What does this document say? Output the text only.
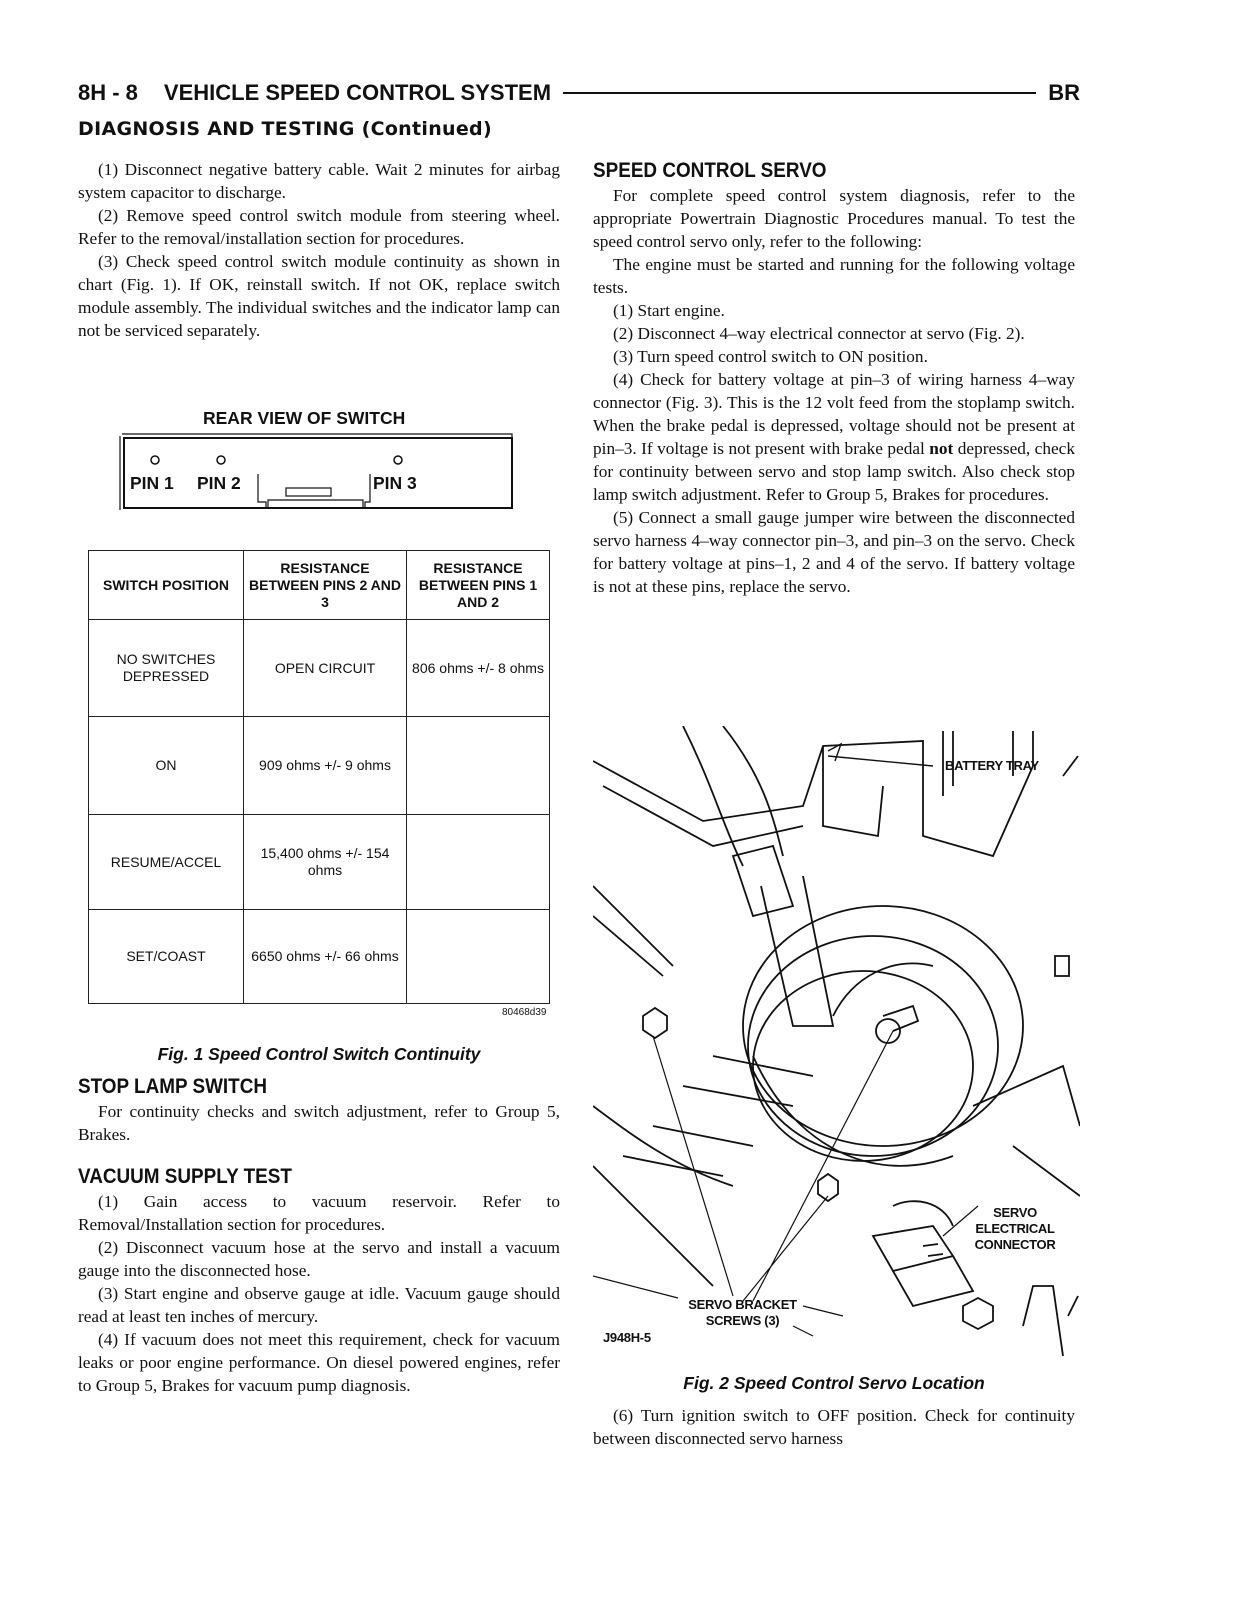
8H - 8 VEHICLE SPEED CONTROL SYSTEM	BR
DIAGNOSIS AND TESTING (Continued)

(1) Disconnect negative battery cable. Wait 2 minutes for airbag system capacitor to discharge.

(2) Remove speed control switch module from steering wheel. Refer to the removal/installation section for procedures.

(3) Check speed control switch module continuity as shown in chart (Fig. 1). If OK, reinstall switch. If not OK, replace switch module assembly. The individual switches and the indicator lamp can not be serviced separately.

REAR VIEW OF SWITCH
PIN 1 PIN 2	PIN 3
SWITCH POSITION	RESISTANCE BETWEEN PINS 2 AND 3	RESISTANCE BETWEEN PINS 1 AND 2
NO SWITCHES DEPRESSED	OPEN CIRCUIT	806 ohms +/- 8 ohms
ON	909 ohms +/- 9 ohms	
RESUME/ACCEL	15,400 ohms +/- 154 ohms	
SET/COAST	6650 ohms +/- 66 ohms	
80468d39
Fig. 1 Speed Control Switch Continuity
STOP LAMP SWITCH

For continuity checks and switch adjustment, refer to Group 5, Brakes.

VACUUM SUPPLY TEST

(1) Gain access to vacuum reservoir. Refer to Removal/Installation section for procedures.

(2) Disconnect vacuum hose at the servo and install a vacuum gauge into the disconnected hose.

(3) Start engine and observe gauge at idle. Vacuum gauge should read at least ten inches of mercury.

(4) If vacuum does not meet this requirement, check for vacuum leaks or poor engine performance. On diesel powered engines, refer to Group 5, Brakes for vacuum pump diagnosis.

SPEED CONTROL SERVO

For complete speed control system diagnosis, refer to the appropriate Powertrain Diagnostic Procedures manual. To test the speed control servo only, refer to the following:

The engine must be started and running for the following voltage tests.

(1) Start engine.

(2) Disconnect 4–way electrical connector at servo (Fig. 2).

(3) Turn speed control switch to ON position.

(4) Check for battery voltage at pin–3 of wiring harness 4–way connector (Fig. 3). This is the 12 volt feed from the stoplamp switch. When the brake pedal is depressed, voltage should not be present at pin–3. If voltage is not present with brake pedal not depressed, check for continuity between servo and stop lamp switch. Also check stop lamp switch adjustment. Refer to Group 5, Brakes for procedures.

(5) Connect a small gauge jumper wire between the disconnected servo harness 4–way connector pin–3, and pin–3 on the servo. Check for battery voltage at pins–1, 2 and 4 of the servo. If battery voltage is not at these pins, replace the servo.

BATTERY TRAY
SERVO ELECTRICAL CONNECTOR
SERVO BRACKET SCREWS (3)
J948H-5
Fig. 2 Speed Control Servo Location

(6) Turn ignition switch to OFF position. Check for continuity between disconnected servo harness
